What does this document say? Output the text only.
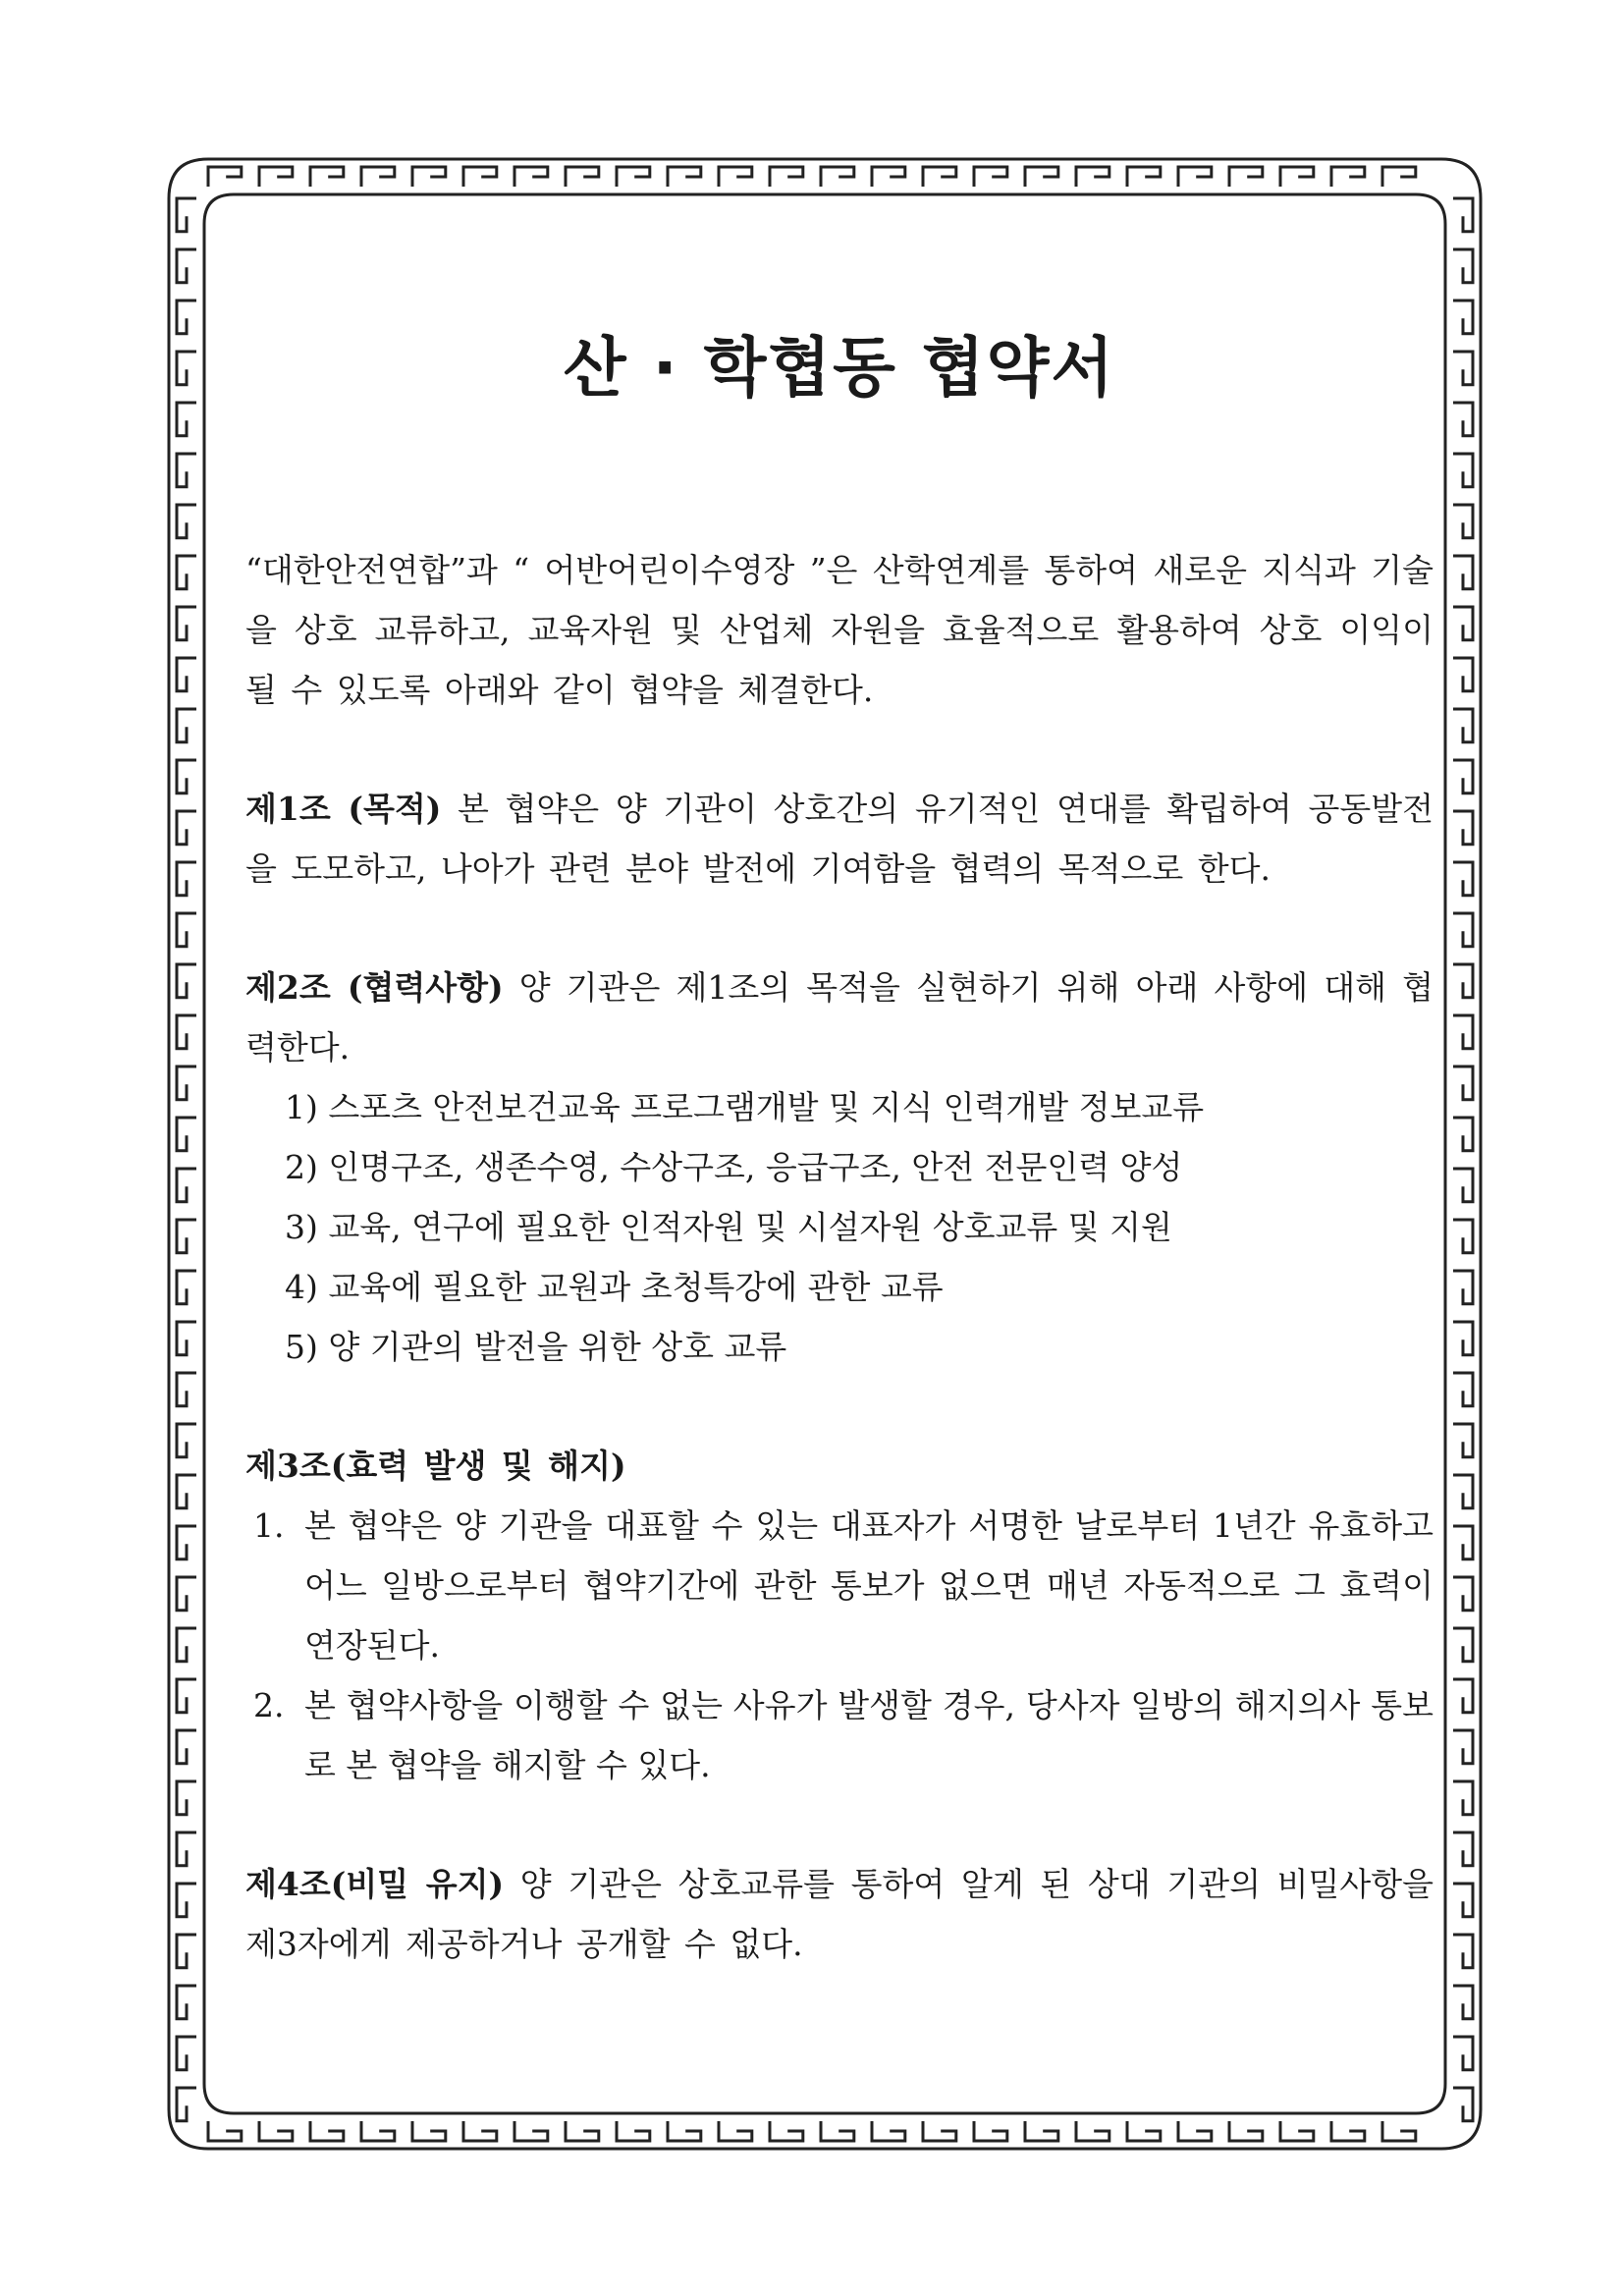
산 · 학협동 협약서

“대한안전연합”과 “ 어반어린이수영장 ”은 산학연계를 통하여 새로운 지식과 기술을 상호 교류하고, 교육자원 및 산업체 자원을 효율적으로 활용하여 상호 이익이 될 수 있도록 아래와 같이 협약을 체결한다.

제1조 (목적) 본 협약은 양 기관이 상호간의 유기적인 연대를 확립하여 공동발전을 도모하고, 나아가 관련 분야 발전에 기여함을 협력의 목적으로 한다.

제2조 (협력사항) 양 기관은 제1조의 목적을 실현하기 위해 아래 사항에 대해 협력한다.

1) 스포츠 안전보건교육 프로그램개발 및 지식 인력개발 정보교류
2) 인명구조, 생존수영, 수상구조, 응급구조, 안전 전문인력 양성
3) 교육, 연구에 필요한 인적자원 및 시설자원 상호교류 및 지원
4) 교육에 필요한 교원과 초청특강에 관한 교류
5) 양 기관의 발전을 위한 상호 교류

제3조(효력 발생 및 해지)

1. 본 협약은 양 기관을 대표할 수 있는 대표자가 서명한 날로부터 1년간 유효하고 어느 일방으로부터 협약기간에 관한 통보가 없으면 매년 자동적으로 그 효력이 연장된다.
2. 본 협약사항을 이행할 수 없는 사유가 발생할 경우, 당사자 일방의 해지의사 통보로 본 협약을 해지할 수 있다.

제4조(비밀 유지) 양 기관은 상호교류를 통하여 알게 된 상대 기관의 비밀사항을 제3자에게 제공하거나 공개할 수 없다.
